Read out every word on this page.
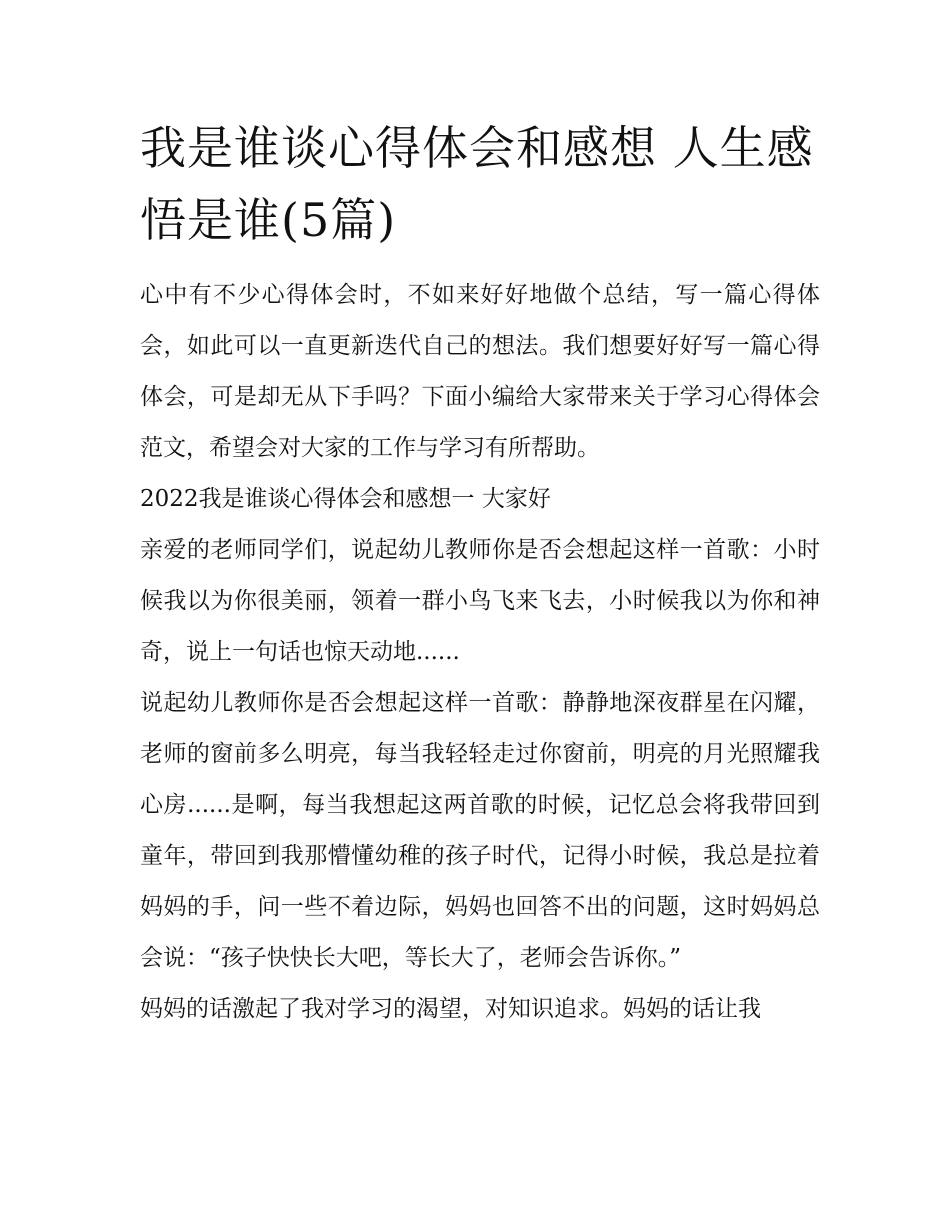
我是谁谈心得体会和感想 人生感悟是谁(5篇)

心中有不少心得体会时，不如来好好地做个总结，写一篇心得体会，如此可以一直更新迭代自己的想法。我们想要好好写一篇心得体会，可是却无从下手吗？下面小编给大家带来关于学习心得体会范文，希望会对大家的工作与学习有所帮助。

2022我是谁谈心得体会和感想一 大家好

亲爱的老师同学们，说起幼儿教师你是否会想起这样一首歌：小时候我以为你很美丽，领着一群小鸟飞来飞去，小时候我以为你和神奇，说上一句话也惊天动地......

说起幼儿教师你是否会想起这样一首歌：静静地深夜群星在闪耀，老师的窗前多么明亮，每当我轻轻走过你窗前，明亮的月光照耀我心房......是啊，每当我想起这两首歌的时候，记忆总会将我带回到童年，带回到我那懵懂幼稚的孩子时代，记得小时候，我总是拉着妈妈的手，问一些不着边际，妈妈也回答不出的问题，这时妈妈总会说：“孩子快快长大吧，等长大了，老师会告诉你。”

妈妈的话激起了我对学习的渴望，对知识追求。妈妈的话让我
